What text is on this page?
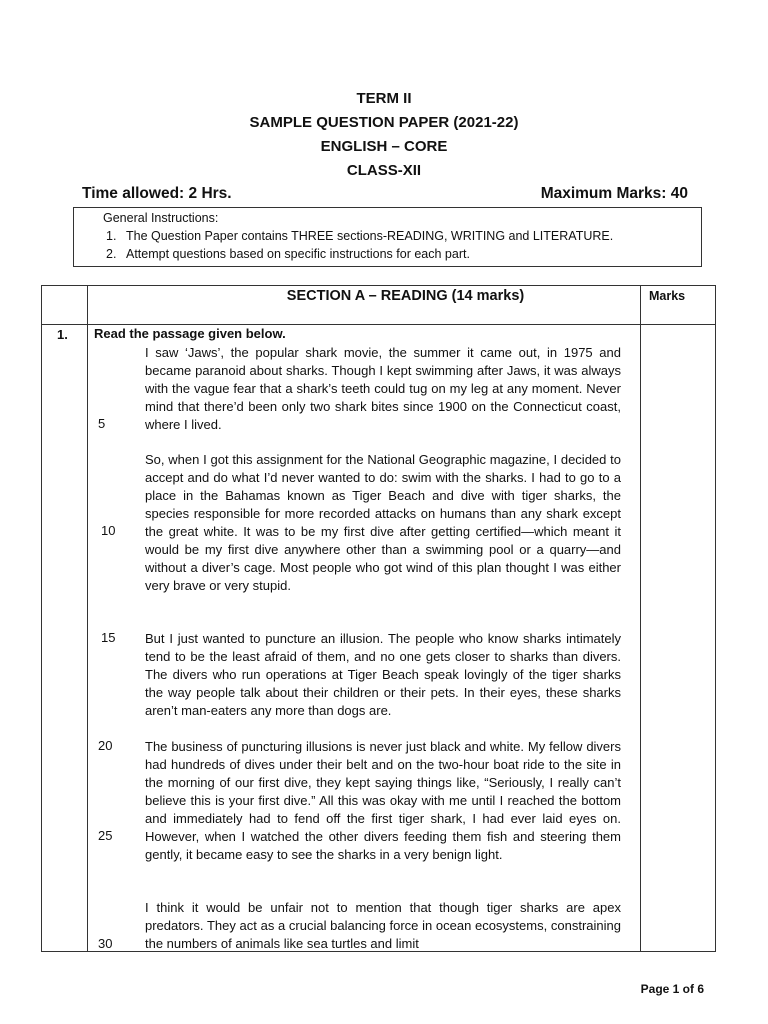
TERM II
SAMPLE QUESTION PAPER (2021-22)
ENGLISH – CORE
CLASS-XII
Time allowed: 2 Hrs.	Maximum Marks: 40
General Instructions:
1. The Question Paper contains THREE sections-READING, WRITING and LITERATURE.
2. Attempt questions based on specific instructions for each part.
SECTION A – READING (14 marks)	Marks
1. Read the passage given below.
I saw ‘Jaws’, the popular shark movie, the summer it came out, in 1975 and became paranoid about sharks. Though I kept swimming after Jaws, it was always with the vague fear that a shark’s teeth could tug on my leg at any moment. Never mind that there’d been only two shark bites since 1900 on the Connecticut coast, where I lived.
So, when I got this assignment for the National Geographic magazine, I decided to accept and do what I’d never wanted to do: swim with the sharks. I had to go to a place in the Bahamas known as Tiger Beach and dive with tiger sharks, the species responsible for more recorded attacks on humans than any shark except the great white. It was to be my first dive after getting certified—which meant it would be my first dive anywhere other than a swimming pool or a quarry—and without a diver’s cage. Most people who got wind of this plan thought I was either very brave or very stupid.
But I just wanted to puncture an illusion. The people who know sharks intimately tend to be the least afraid of them, and no one gets closer to sharks than divers. The divers who run operations at Tiger Beach speak lovingly of the tiger sharks the way people talk about their children or their pets. In their eyes, these sharks aren’t man-eaters any more than dogs are.
The business of puncturing illusions is never just black and white. My fellow divers had hundreds of dives under their belt and on the two-hour boat ride to the site in the morning of our first dive, they kept saying things like, “Seriously, I really can’t believe this is your first dive.” All this was okay with me until I reached the bottom and immediately had to fend off the first tiger shark, I had ever laid eyes on. However, when I watched the other divers feeding them fish and steering them gently, it became easy to see the sharks in a very benign light.
I think it would be unfair not to mention that though tiger sharks are apex predators. They act as a crucial balancing force in ocean ecosystems, constraining the numbers of animals like sea turtles and limit
5
10
15
20
25
30
Page 1 of 6
